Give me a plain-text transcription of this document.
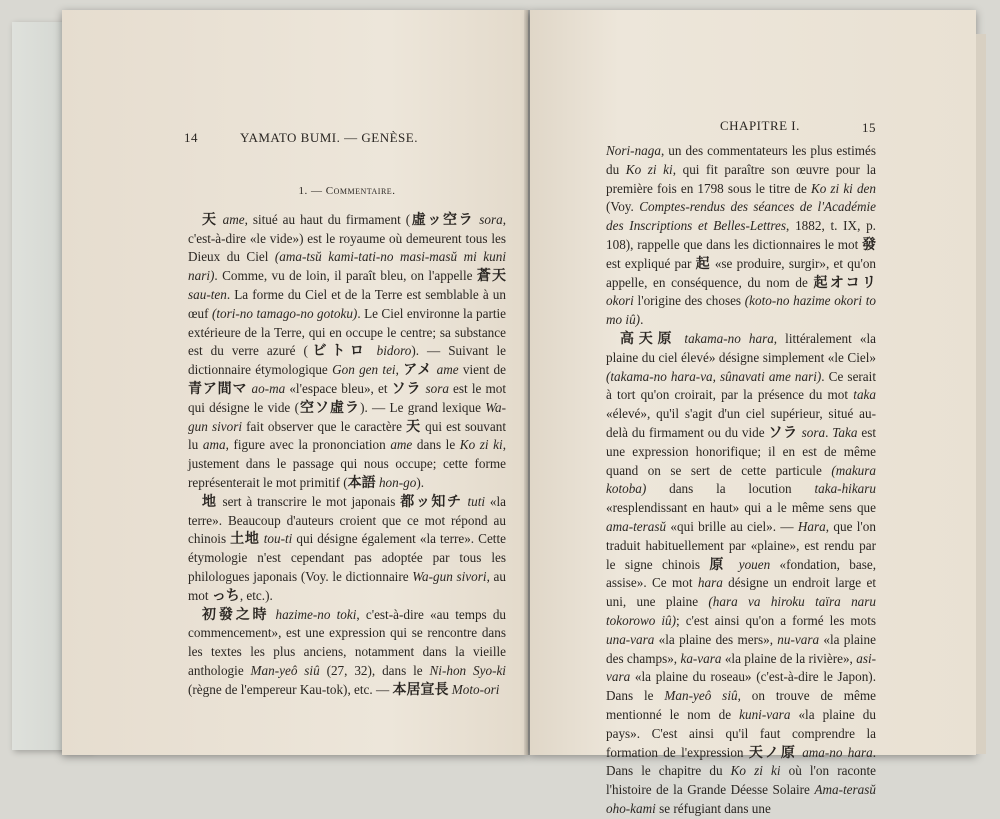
14	YAMATO BUMI. — GENÈSE.
1. — Commentaire.

天 ame, situé au haut du firmament (虛ッ空ラ sora, c'est-à-dire «le vide») est le royaume où demeurent tous les Dieux du Ciel (ama-tsŭ kami-tati-no masi-masŭ mi kuni nari). Comme, vu de loin, il paraît bleu, on l'appelle 蒼天 sau-ten. La forme du Ciel et de la Terre est semblable à un œuf (tori-no tamago-no gotoku). Le Ciel environne la partie extérieure de la Terre, qui en occupe le centre; sa substance est du verre azuré (ビトロ bidoro). — Suivant le dictionnaire étymologique Gon gen tei, アメ ame vient de 青ア間マ ao-ma «l'espace bleu», et ソラ sora est le mot qui désigne le vide (空ソ虛ラ). — Le grand lexique Wa-gun sivori fait observer que le caractère 天 qui est souvant lu ama, figure avec la prononciation ame dans le Ko zi ki, justement dans le passage qui nous occupe; cette forme représenterait le mot primitif (本語 hon-go).

地 sert à transcrire le mot japonais 都ッ知チ tuti «la terre». Beaucoup d'auteurs croient que ce mot répond au chinois 土地 tou-ti qui désigne également «la terre». Cette étymologie n'est cependant pas adoptée par tous les philologues japonais (Voy. le dictionnaire Wa-gun sivori, au mot っち, etc.).

初發之時 hazime-no toki, c'est-à-dire «au temps du commencement», est une expression qui se rencontre dans les textes les plus anciens, notamment dans la vieille anthologie Man-yeô siû (27, 32), dans le Ni-hon Syo-ki (règne de l'empereur Kau-tok), etc. — 本居宣長 Moto-ori

CHAPITRE I.	15

Nori-naga, un des commentateurs les plus estimés du Ko zi ki, qui fit paraître son œuvre pour la première fois en 1798 sous le titre de Ko zi ki den (Voy. Comptes-rendus des séances de l'Académie des Inscriptions et Belles-Lettres, 1882, t. IX, p. 108), rappelle que dans les dictionnaires le mot 發 est expliqué par 起 «se produire, surgir», et qu'on appelle, en conséquence, du nom de 起オコリ okori l'origine des choses (koto-no hazime okori to mo iû).

高天原 takama-no hara, littéralement «la plaine du ciel élevé» désigne simplement «le Ciel» (takama-no hara-va, sûnavati ame nari). Ce serait à tort qu'on croirait, par la présence du mot taka «élevé», qu'il s'agit d'un ciel supérieur, situé au-delà du firmament ou du vide ソラ sora. Taka est une expression honorifique; il en est de même quand on se sert de cette particule (makura kotoba) dans la locution taka-hikaru «resplendissant en haut» qui a le même sens que ama-terasŭ «qui brille au ciel». — Hara, que l'on traduit habituellement par «plaine», est rendu par le signe chinois 原 youen «fondation, base, assise». Ce mot hara désigne un endroit large et uni, une plaine (hara va hiroku taïra naru tokorowo iû); c'est ainsi qu'on a formé les mots una-vara «la plaine des mers», nu-vara «la plaine des champs», ka-vara «la plaine de la rivière», asi-vara «la plaine du roseau» (c'est-à-dire le Japon). Dans le Man-yeô siû, on trouve de même mentionné le nom de kuni-vara «la plaine du pays». C'est ainsi qu'il faut comprendre la formation de l'expression 天ノ原 ama-no hara. Dans le chapitre du Ko zi ki où l'on raconte l'histoire de la Grande Déesse Solaire Ama-terasŭ oho-kami se réfugiant dans une
